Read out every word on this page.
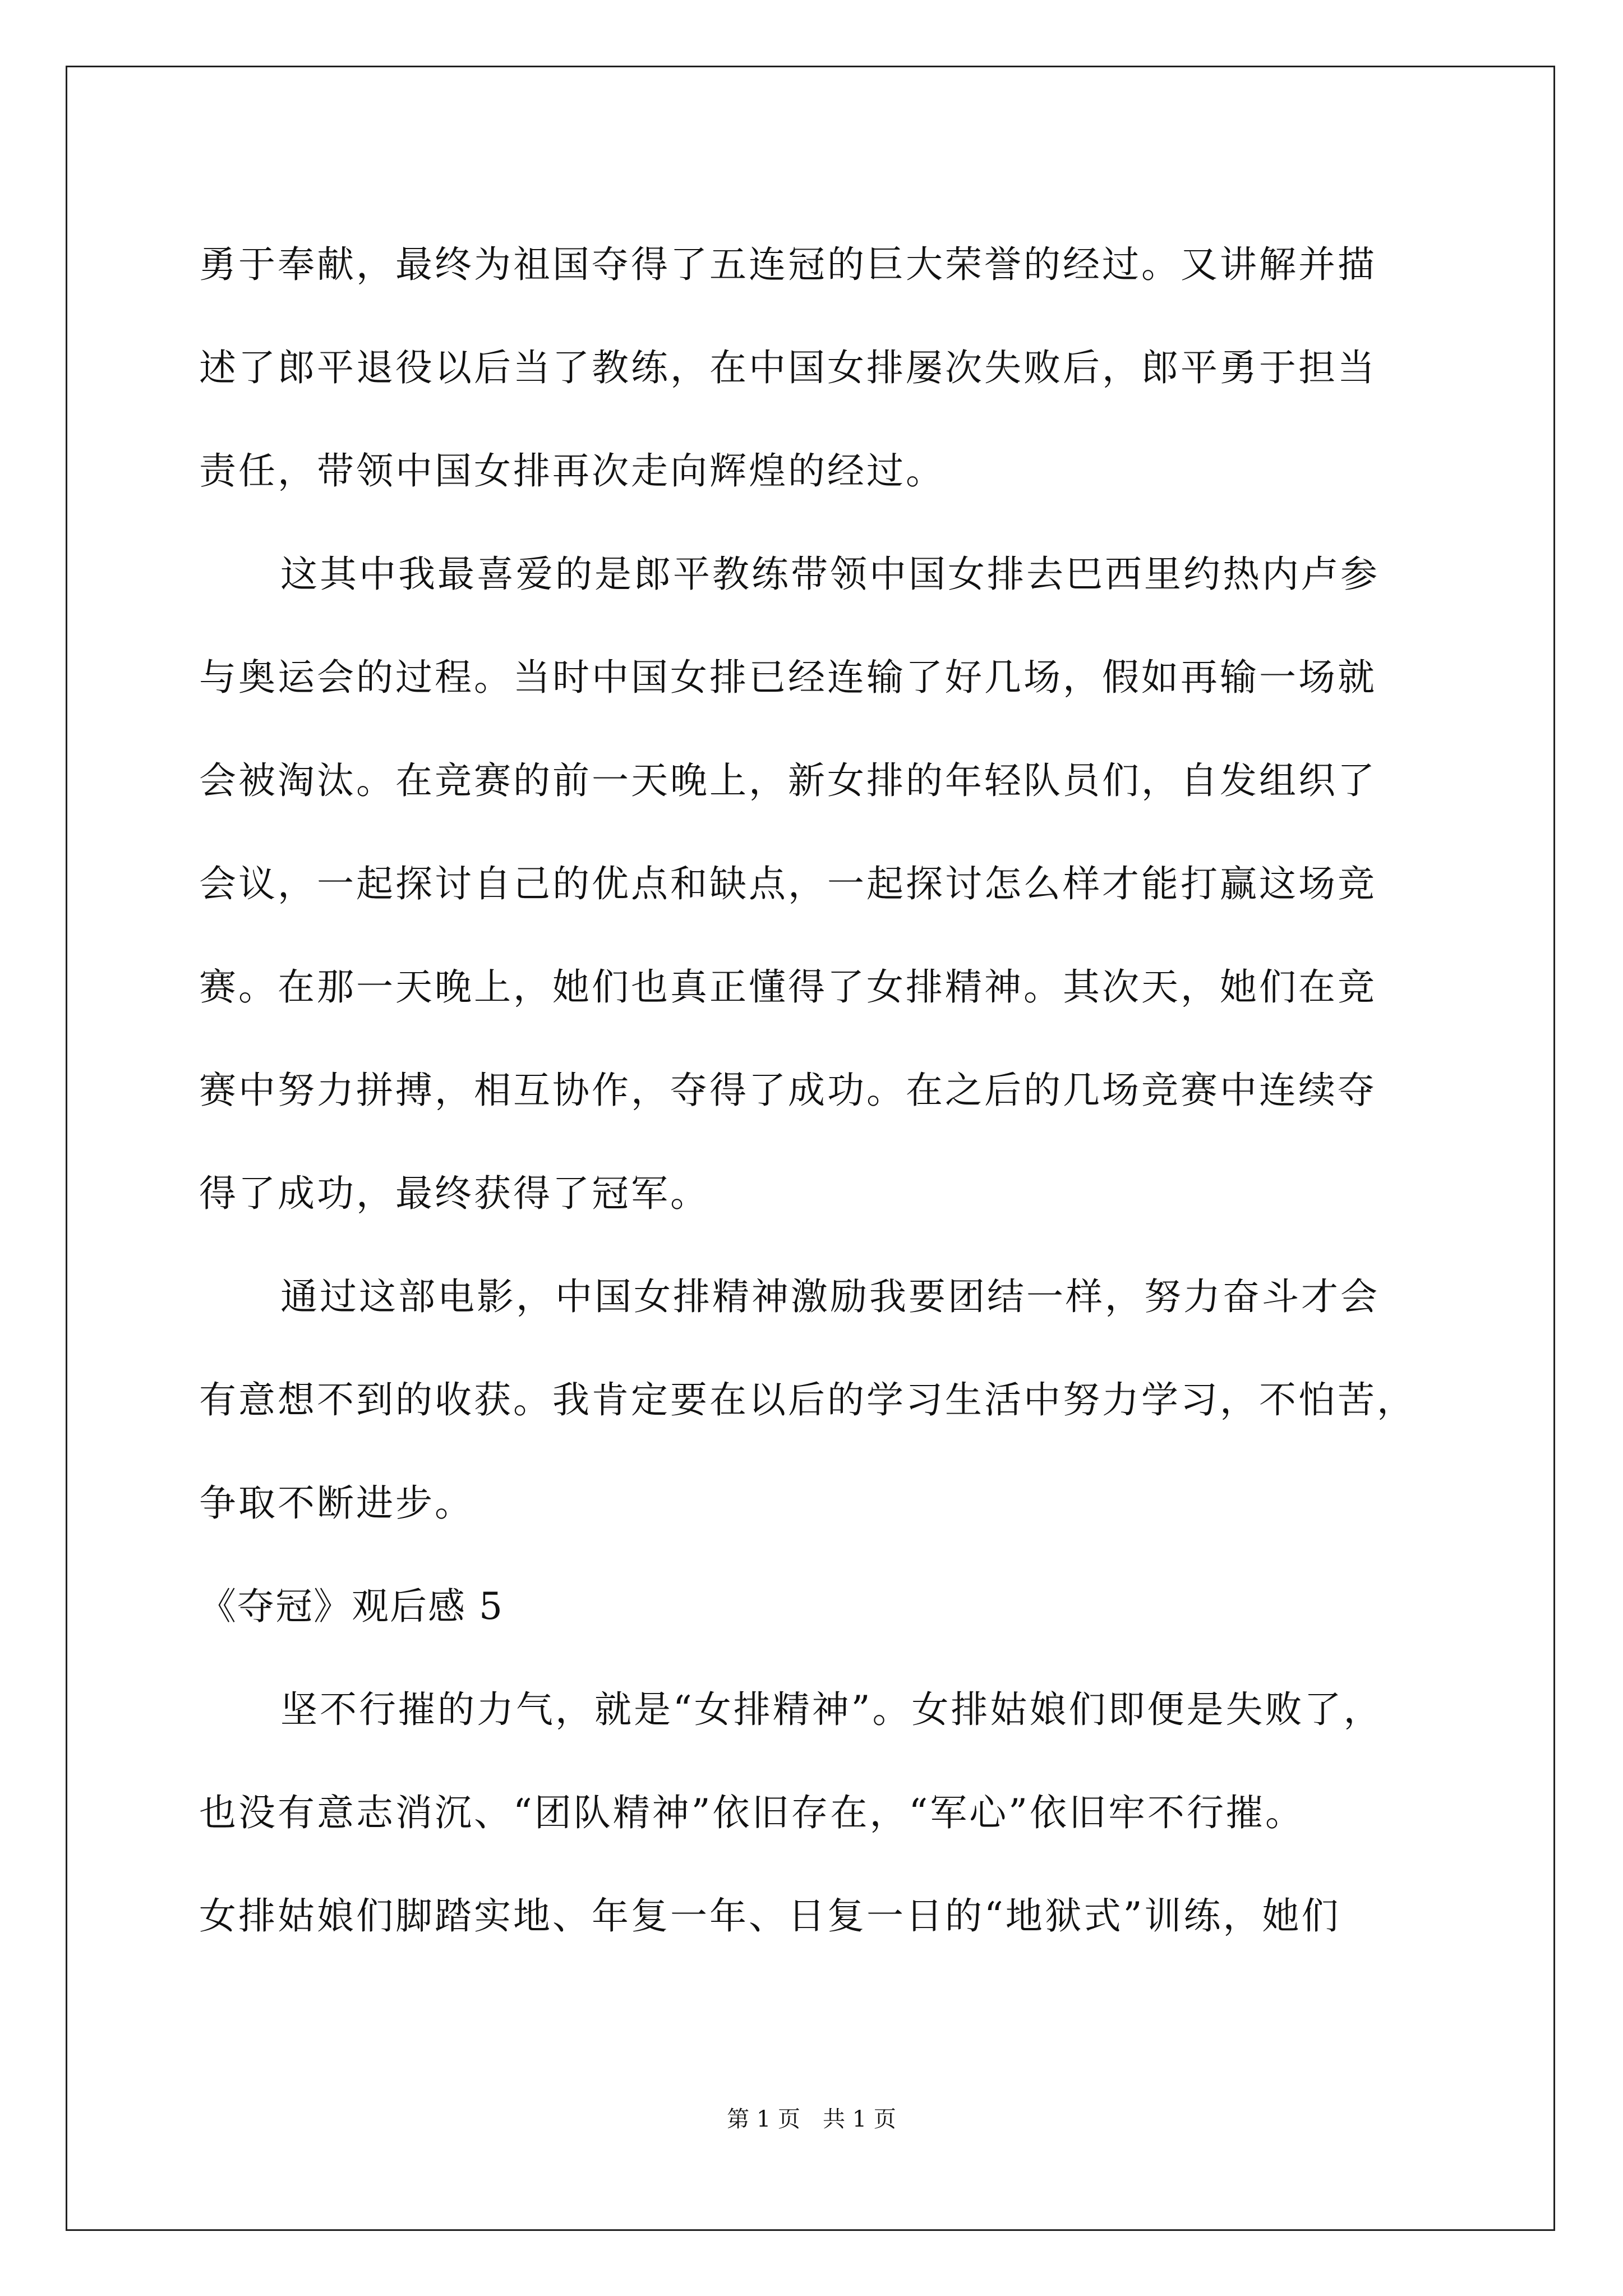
勇于奉献，最终为祖国夺得了五连冠的巨大荣誉的经过。又讲解并描
述了郎平退役以后当了教练，在中国女排屡次失败后，郎平勇于担当
责任，带领中国女排再次走向辉煌的经过。
这其中我最喜爱的是郎平教练带领中国女排去巴西里约热内卢参
与奥运会的过程。当时中国女排已经连输了好几场，假如再输一场就
会被淘汰。在竞赛的前一天晚上，新女排的年轻队员们，自发组织了
会议，一起探讨自己的优点和缺点，一起探讨怎么样才能打赢这场竞
赛。在那一天晚上，她们也真正懂得了女排精神。其次天，她们在竞
赛中努力拼搏，相互协作，夺得了成功。在之后的几场竞赛中连续夺
得了成功，最终获得了冠军。
通过这部电影，中国女排精神激励我要团结一样，努力奋斗才会
有意想不到的收获。我肯定要在以后的学习生活中努力学习，不怕苦，
争取不断进步。
《夺冠》观后感 5
坚不行摧的力气，就是“女排精神”。女排姑娘们即便是失败了，
也没有意志消沉、“团队精神”依旧存在，“军心”依旧牢不行摧。
女排姑娘们脚踏实地、年复一年、日复一日的“地狱式”训练，她们
第 1 页　共 1 页
